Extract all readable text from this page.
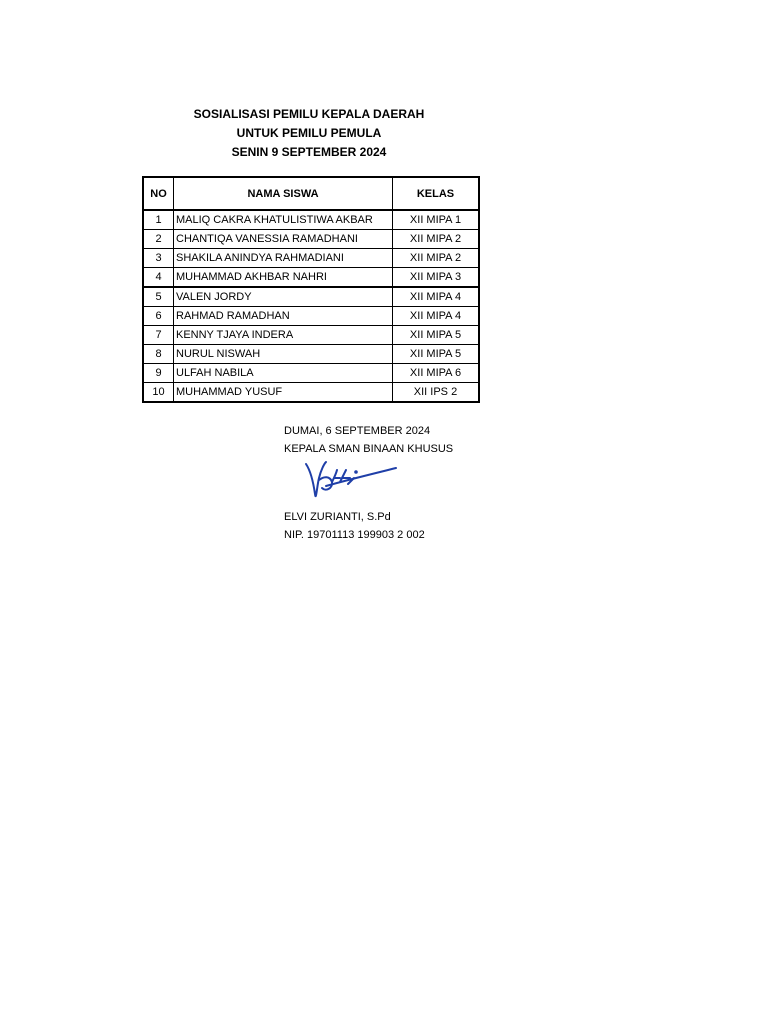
SOSIALISASI PEMILU KEPALA DAERAH
UNTUK PEMILU PEMULA
SENIN 9 SEPTEMBER 2024
NO	NAMA SISWA	KELAS
1	MALIQ CAKRA KHATULISTIWA AKBAR	XII MIPA 1
2	CHANTIQA VANESSIA RAMADHANI	XII MIPA 2
3	SHAKILA ANINDYA RAHMADIANI	XII MIPA 2
4	MUHAMMAD AKHBAR NAHRI	XII MIPA 3
5	VALEN JORDY	XII MIPA 4
6	RAHMAD RAMADHAN	XII MIPA 4
7	KENNY TJAYA INDERA	XII MIPA 5
8	NURUL NISWAH	XII MIPA 5
9	ULFAH NABILA	XII MIPA 6
10	MUHAMMAD YUSUF	XII IPS 2
DUMAI, 6 SEPTEMBER 2024
KEPALA SMAN BINAAN KHUSUS
ELVI ZURIANTI, S.Pd
NIP. 19701113 199903 2 002
